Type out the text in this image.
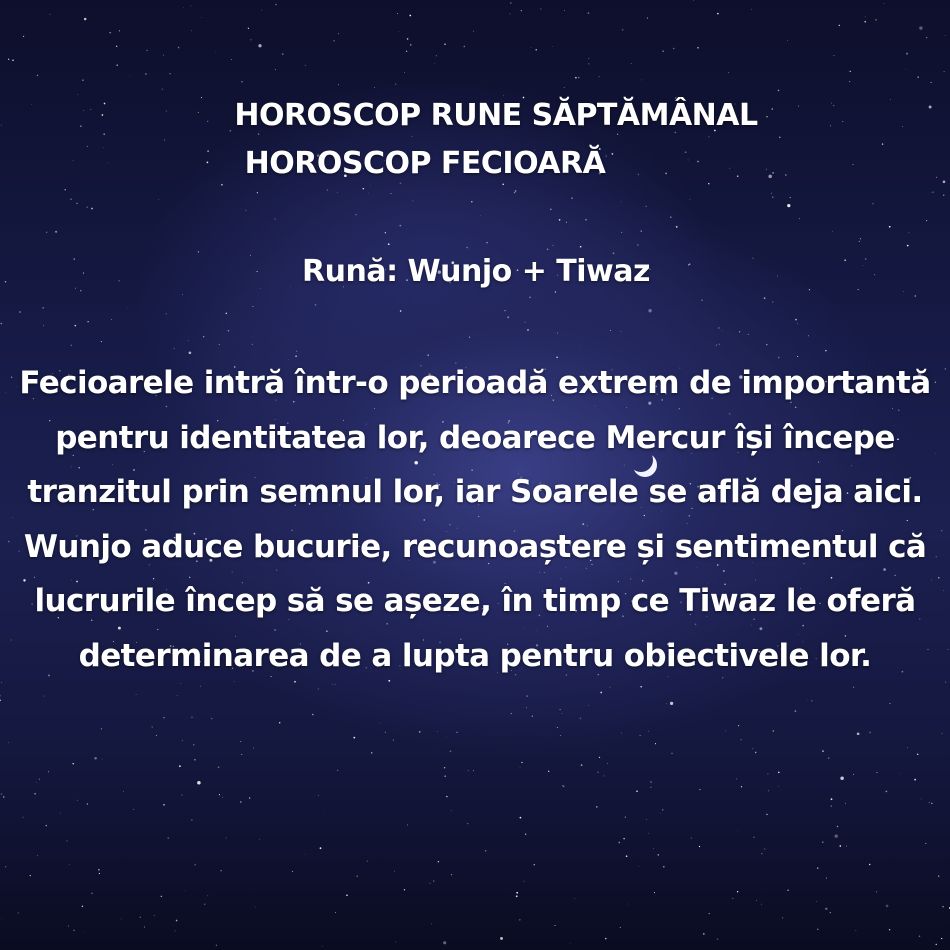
HOROSCOP RUNE SĂPTĂMÂNAL
HOROSCOP FECIOARĂ
Rună: Wunjo + Tiwaz
Fecioarele intră într-o perioadă extrem de importantă pentru identitatea lor, deoarece Mercur își începe tranzitul prin semnul lor, iar Soarele se află deja aici. Wunjo aduce bucurie, recunoaștere și sentimentul că lucrurile încep să se așeze, în timp ce Tiwaz le oferă determinarea de a lupta pentru obiectivele lor.
